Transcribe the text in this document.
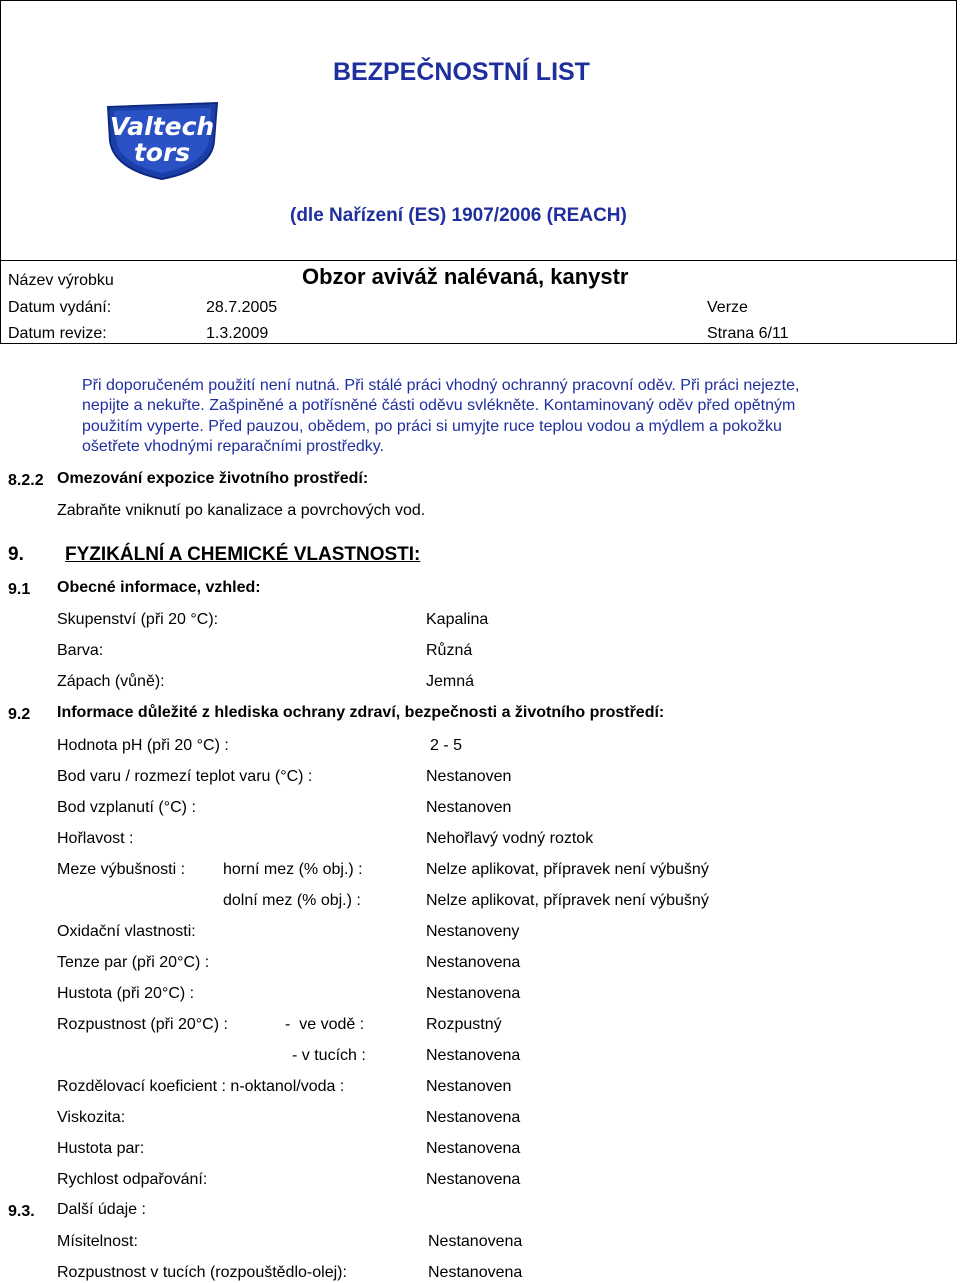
BEZPEČNOSTNÍ LIST
Valtech
tors
(dle Nařízení (ES) 1907/2006 (REACH)
Název výrobku	Obzor aviváž nalévaná, kanystr
Datum vydání:	28.7.2005	Verze
Datum revize:	1.3.2009	Strana 6/11
Při doporučeném použití není nutná. Při stálé práci vhodný ochranný pracovní oděv. Při práci nejezte,
nepijte a nekuřte. Zašpiněné a potřísněné části oděvu svlékněte. Kontaminovaný oděv před opětným
použitím vyperte. Před pauzou, obědem, po práci si umyjte ruce teplou vodou a mýdlem a pokožku
ošetřete vhodnými reparačními prostředky.
8.2.2 Omezování expozice životního prostředí:
Zabraňte vniknutí po kanalizace a povrchových vod.
9. FYZIKÁLNÍ A CHEMICKÉ VLASTNOSTI:
9.1 Obecné informace, vzhled:
Skupenství (při 20 °C):	Kapalina
Barva:	Různá
Zápach (vůně):	Jemná
9.2 Informace důležité z hlediska ochrany zdraví, bezpečnosti a životního prostředí:
Hodnota pH (při 20 °C) :	2 - 5
Bod varu / rozmezí teplot varu (°C) :	Nestanoven
Bod vzplanutí (°C) :	Nestanoven
Hořlavost :	Nehořlavý vodný roztok
Meze výbušnosti : horní mez (% obj.) :	Nelze aplikovat, přípravek není výbušný
dolní mez (% obj.) :	Nelze aplikovat, přípravek není výbušný
Oxidační vlastnosti:	Nestanoveny
Tenze par (při 20°C) :	Nestanovena
Hustota (při 20°C) :	Nestanovena
Rozpustnost (při 20°C) :	-  ve vodě :	Rozpustný
- v tucích :	Nestanovena
Rozdělovací koeficient : n-oktanol/voda :	Nestanoven
Viskozita:	Nestanovena
Hustota par:	Nestanovena
Rychlost odpařování:	Nestanovena
9.3. Další údaje :
Mísitelnost:	Nestanovena
Rozpustnost v tucích (rozpouštědlo-olej):	Nestanovena
